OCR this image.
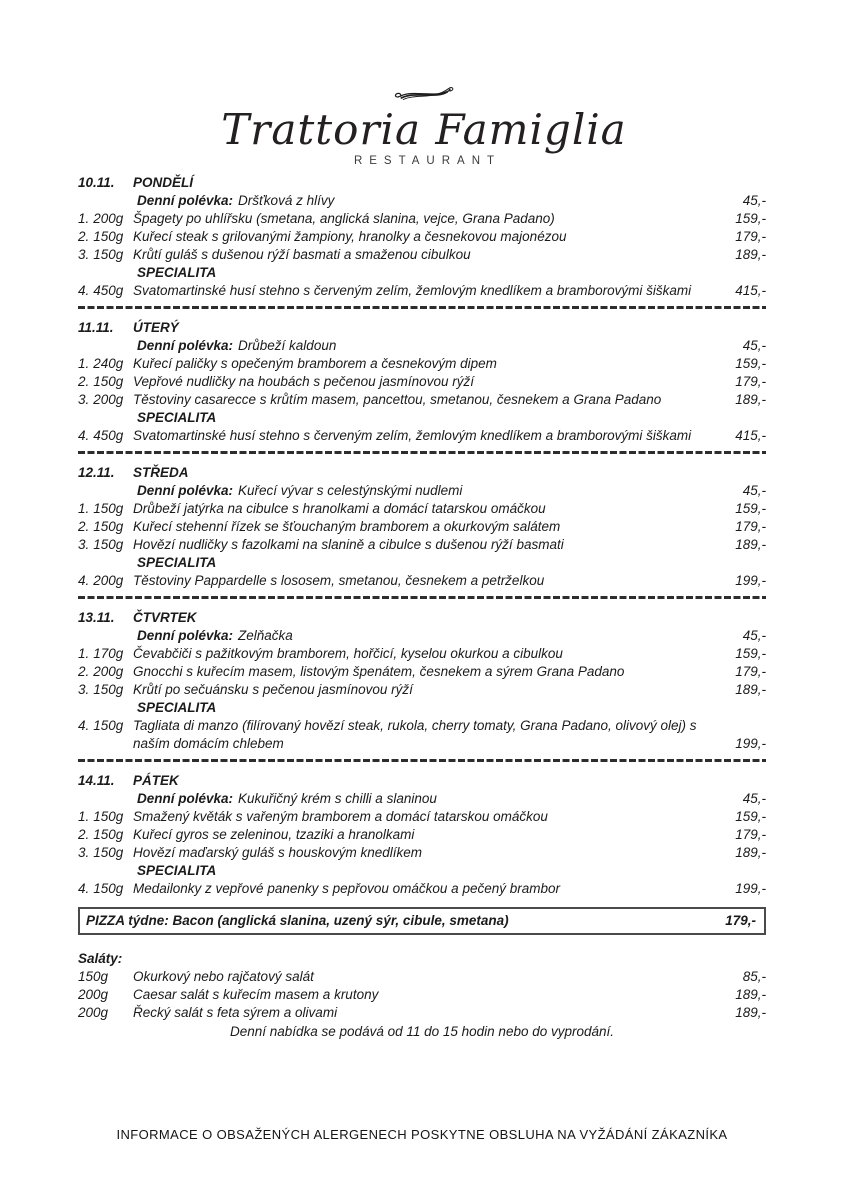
Trattoria Famiglia
RESTAURANT
10.11.	PONDĚLÍ
Denní polévka: Dršťková z hlívy	45,-
1. 200g Špagety po uhlířsku (smetana, anglická slanina, vejce, Grana Padano)	159,-
2. 150g Kuřecí steak s grilovanými žampiony, hranolky a česnekovou majonézou	179,-
3. 150g Krůtí guláš s dušenou rýží basmati a smaženou cibulkou	189,-
SPECIALITA
4. 450g Svatomartinské husí stehno s červeným zelím, žemlovým knedlíkem a bramborovými šiškami	415,-
11.11.	ÚTERÝ
Denní polévka: Drůbeží kaldoun	45,-
1. 240g Kuřecí paličky s opečeným bramborem a česnekovým dipem	159,-
2. 150g Vepřové nudličky na houbách s pečenou jasmínovou rýží	179,-
3. 200g Těstoviny casarecce s krůtím masem, pancettou, smetanou, česnekem a Grana Padano	189,-
SPECIALITA
4. 450g Svatomartinské husí stehno s červeným zelím, žemlovým knedlíkem a bramborovými šiškami	415,-
12.11.	STŘEDA
Denní polévka: Kuřecí vývar s celestýnskými nudlemi	45,-
1. 150g Drůbeží jatýrka na cibulce s hranolkami a domácí tatarskou omáčkou	159,-
2. 150g Kuřecí stehenní řízek se šťouchaným bramborem a okurkovým salátem	179,-
3. 150g Hovězí nudličky s fazolkami na slanině a cibulce s dušenou rýží basmati	189,-
SPECIALITA
4. 200g Těstoviny Pappardelle s lososem, smetanou, česnekem a petrželkou	199,-
13.11.	ČTVRTEK
Denní polévka: Zelňačka	45,-
1. 170g Čevabčiči s pažitkovým bramborem, hořčicí, kyselou okurkou a cibulkou	159,-
2. 200g Gnocchi s kuřecím masem, listovým špenátem, česnekem a sýrem Grana Padano	179,-
3. 150g Krůtí po sečuánsku s pečenou jasmínovou rýží	189,-
SPECIALITA
4. 150g Tagliata di manzo (filírovaný hovězí steak, rukola, cherry tomaty, Grana Padano, olivový olej) s naším domácím chlebem	199,-
14.11.	PÁTEK
Denní polévka: Kukuřičný krém s chilli a slaninou	45,-
1. 150g Smažený květák s vařeným bramborem a domácí tatarskou omáčkou	159,-
2. 150g Kuřecí gyros se zeleninou, tzaziki a hranolkami	179,-
3. 150g Hovězí maďarský guláš s houskovým knedlíkem	189,-
SPECIALITA
4. 150g Medailonky z vepřové panenky s pepřovou omáčkou a pečený brambor	199,-
PIZZA týdne: Bacon (anglická slanina, uzený sýr, cibule, smetana)	179,-
Saláty:
150g Okurkový nebo rajčatový salát	85,-
200g Caesar salát s kuřecím masem a krutony	189,-
200g Řecký salát s feta sýrem a olivami	189,-
Denní nabídka se podává od 11 do 15 hodin nebo do vyprodání.
INFORMACE O OBSAŽENÝCH ALERGENECH POSKYTNE OBSLUHA NA VYŽÁDÁNÍ ZÁKAZNÍKA
